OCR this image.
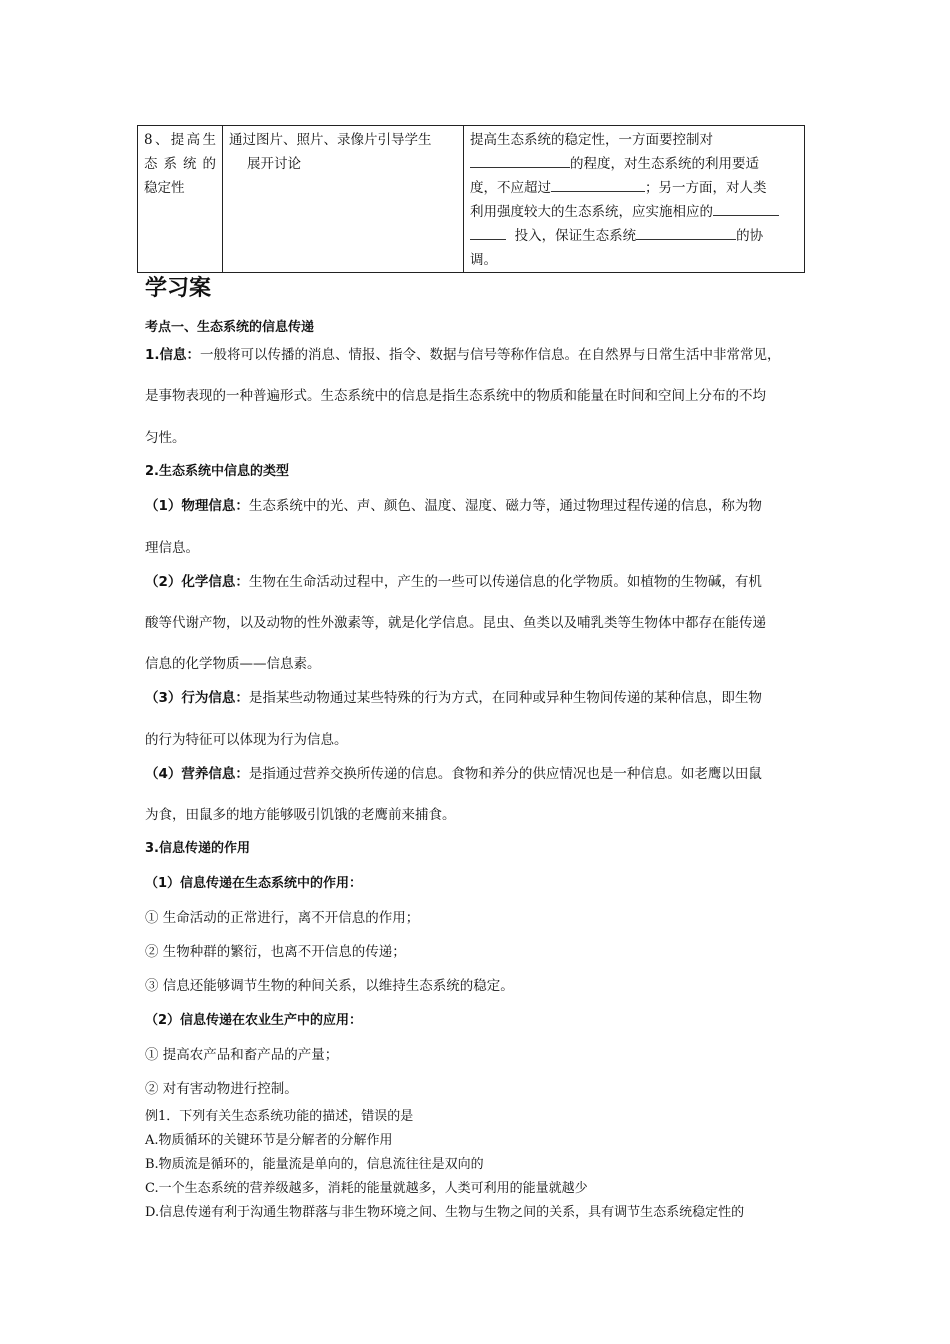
8、提高生
态 系 统 的
稳定性

通过图片、照片、录像片引导学生
展开讨论

提高生态系统的稳定性，一方面要控制对
的程度，对生态系统的利用要适
度，不应超过	；另一方面，对人类
利用强度较大的生态系统，应实施相应的
投入，保证生态系统	的协
调。
学习案
考点一、生态系统的信息传递
1.信息：一般将可以传播的消息、情报、指令、数据与信号等称作信息。在自然界与日常生活中非常常见，
是事物表现的一种普遍形式。生态系统中的信息是指生态系统中的物质和能量在时间和空间上分布的不均
匀性。
2.生态系统中信息的类型
（1）物理信息：生态系统中的光、声、颜色、温度、湿度、磁力等，通过物理过程传递的信息，称为物
理信息。
（2）化学信息：生物在生命活动过程中，产生的一些可以传递信息的化学物质。如植物的生物碱，有机
酸等代谢产物，以及动物的性外激素等，就是化学信息。昆虫、鱼类以及哺乳类等生物体中都存在能传递
信息的化学物质——信息素。
（3）行为信息：是指某些动物通过某些特殊的行为方式，在同种或异种生物间传递的某种信息，即生物
的行为特征可以体现为行为信息。
（4）营养信息：是指通过营养交换所传递的信息。食物和养分的供应情况也是一种信息。如老鹰以田鼠
为食，田鼠多的地方能够吸引饥饿的老鹰前来捕食。
3.信息传递的作用
（1）信息传递在生态系统中的作用：
① 生命活动的正常进行，离不开信息的作用；
② 生物种群的繁衍，也离不开信息的传递；
③ 信息还能够调节生物的种间关系，以维持生态系统的稳定。
（2）信息传递在农业生产中的应用：
① 提高农产品和畜产品的产量；
② 对有害动物进行控制。
例1．下列有关生态系统功能的描述，错误的是
A.物质循环的关键环节是分解者的分解作用
B.物质流是循环的，能量流是单向的，信息流往往是双向的
C.一个生态系统的营养级越多，消耗的能量就越多，人类可利用的能量就越少
D.信息传递有利于沟通生物群落与非生物环境之间、生物与生物之间的关系，具有调节生态系统稳定性的
